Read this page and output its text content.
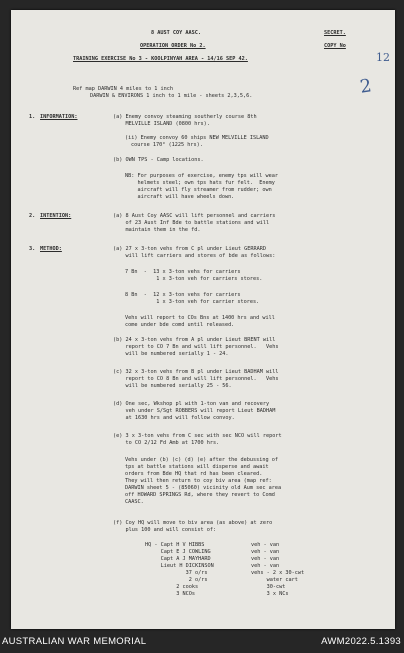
8 AUST COY AASC.	SECRET.
OPERATION ORDER No 2.	COPY No
12
TRAINING EXERCISE No 3 - KOOLPINYAH AREA - 14/16 SEP 42.
2
Ref map DARWIN 4 miles to 1 inch
DARWIN & ENVIRONS 1 inch to 1 mile - sheets 2,3,5,6.
1. INFORMATION:	(a) Enemy convoy steaming southerly course 8th
MELVILLE ISLAND (0800 hrs).
(ii) Enemy convoy 60 ships NEW MELVILLE ISLAND
course 170° (1225 hrs).
(b) OWN TPS - Camp locations.
NB: For purposes of exercise, enemy tps will wear
helmets steel; own tps hats fur felt.  Enemy
aircraft will fly streamer from rudder; own
aircraft will have wheels down.
2. INTENTION:	(a) 8 Aust Coy AASC will lift personnel and carriers
of 23 Aust Inf Bde to battle stations and will
maintain them in the fd.
3. METHOD:	(a) 27 x 3-ton vehs from C pl under Lieut GERRARD
will lift carriers and stores of bde as follows:
7 Bn  -  13 x 3-ton vehs for carriers
1 x 3-ton veh for carriers stores.
8 Bn  -  12 x 3-ton vehs for carriers
1 x 3-ton veh for carrier stores.
Vehs will report to COs Bns at 1400 hrs and will
come under bde comd until released.
(b) 24 x 3-ton vehs from A pl under Lieut BRENT will
report to CO 7 Bn and will lift personnel.   Vehs
will be numbered serially 1 - 24.
(c) 32 x 3-ton vehs from B pl under Lieut BADHAM will
report to CO 8 Bn and will lift personnel.   Vehs
will be numbered serially 25 - 56.
(d) One sec, Wkshop pl with 1-ton van and recovery
veh under S/Sgt ROBBERS will report Lieut BADHAM
at 1630 hrs and will follow convoy.
(e) 3 x 3-ton vehs from C sec with sec NCO will report
to CO 2/12 Fd Amb at 1700 hrs.
Vehs under (b) (c) (d) (e) after the debussing of
tps at battle stations will disperse and await
orders from Bde HQ that rd has been cleared.
They will then return to coy biv area (map ref:
DARWIN sheet 5 - (85060) vicinity old Aum sec area
off HOWARD SPRINGS Rd, where they revert to Comd
CAASC.
(f) Coy HQ will move to biv area (as above) at zero
plus 100 and will consist of:
HQ - Capt H V HIBBS	veh - van
Capt E J COWLING	veh - van
Capt A J MAYHARD	veh - van
Lieut H DICKINSON	veh - van
37 o/rs	vehs - 2 x 30-cwt
2 o/rs	water cart
2 cooks	30-cwt
3 NCOs	3 x NCs
AUSTRALIAN WAR MEMORIAL	AWM2022.5.1393
